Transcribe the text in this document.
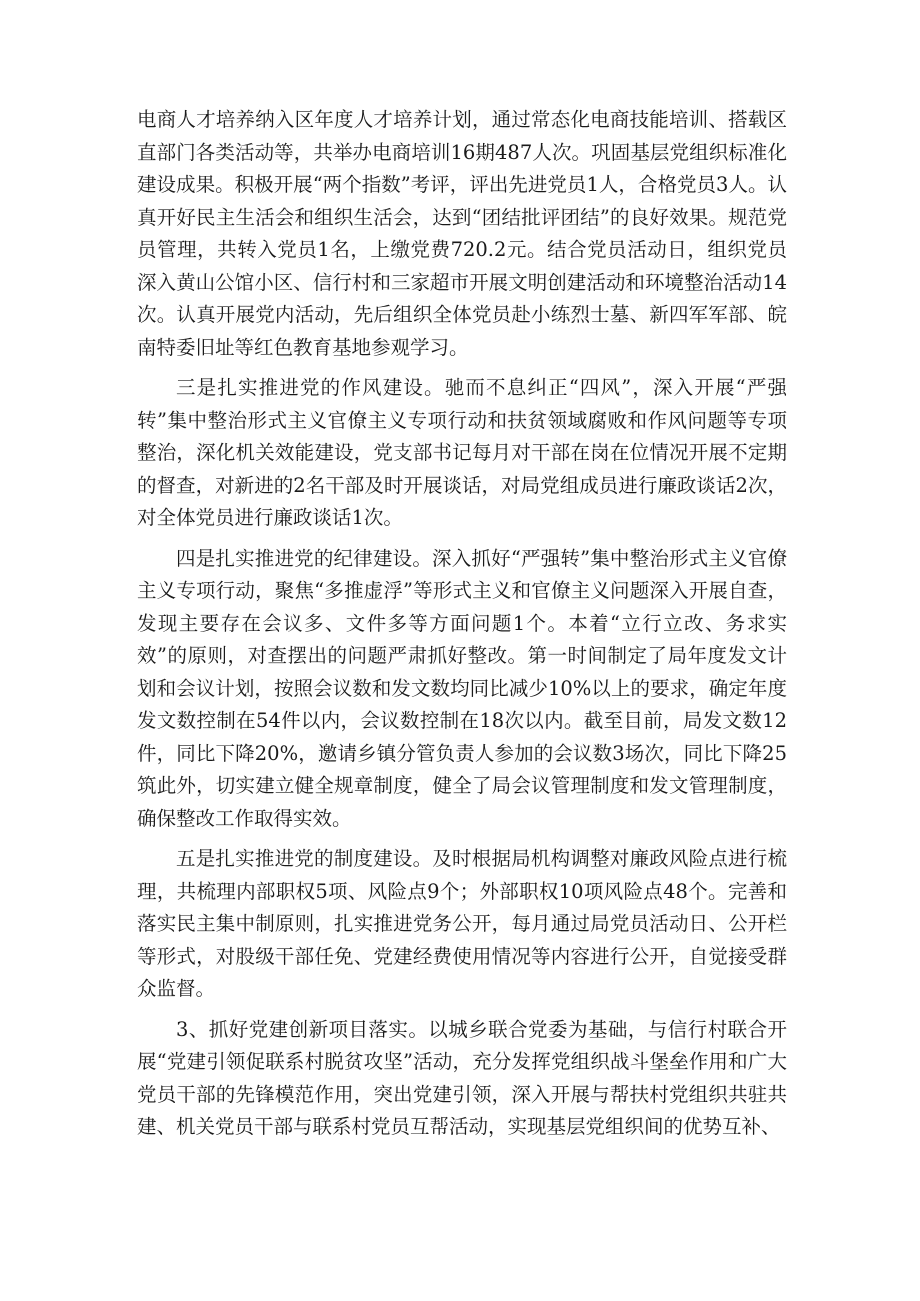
电商人才培养纳入区年度人才培养计划，通过常态化电商技能培训、搭载区直部门各类活动等，共举办电商培训16期487人次。巩固基层党组织标准化建设成果。积极开展“两个指数”考评，评出先进党员1人，合格党员3人。认真开好民主生活会和组织生活会，达到“团结批评团结”的良好效果。规范党员管理，共转入党员1名，上缴党费720.2元。结合党员活动日，组织党员深入黄山公馆小区、信行村和三家超市开展文明创建活动和环境整治活动14次。认真开展党内活动，先后组织全体党员赴小练烈士墓、新四军军部、皖南特委旧址等红色教育基地参观学习。

三是扎实推进党的作风建设。驰而不息纠正“四风”，深入开展“严强转”集中整治形式主义官僚主义专项行动和扶贫领域腐败和作风问题等专项整治，深化机关效能建设，党支部书记每月对干部在岗在位情况开展不定期的督查，对新进的2名干部及时开展谈话，对局党组成员进行廉政谈话2次，对全体党员进行廉政谈话1次。

四是扎实推进党的纪律建设。深入抓好“严强转”集中整治形式主义官僚主义专项行动，聚焦“多推虚浮”等形式主义和官僚主义问题深入开展自查，发现主要存在会议多、文件多等方面问题1个。本着“立行立改、务求实效”的原则，对查摆出的问题严肃抓好整改。第一时间制定了局年度发文计划和会议计划，按照会议数和发文数均同比减少10%以上的要求，确定年度发文数控制在54件以内，会议数控制在18次以内。截至目前，局发文数12件，同比下降20%，邀请乡镇分管负责人参加的会议数3场次，同比下降25筑此外，切实建立健全规章制度，健全了局会议管理制度和发文管理制度，确保整改工作取得实效。

五是扎实推进党的制度建设。及时根据局机构调整对廉政风险点进行梳理，共梳理内部职权5项、风险点9个；外部职权10项风险点48个。完善和落实民主集中制原则，扎实推进党务公开，每月通过局党员活动日、公开栏等形式，对股级干部任免、党建经费使用情况等内容进行公开，自觉接受群众监督。

3、抓好党建创新项目落实。以城乡联合党委为基础，与信行村联合开展“党建引领促联系村脱贫攻坚”活动，充分发挥党组织战斗堡垒作用和广大党员干部的先锋模范作用，突出党建引领，深入开展与帮扶村党组织共驻共建、机关党员干部与联系村党员互帮活动，实现基层党组织间的优势互补、
